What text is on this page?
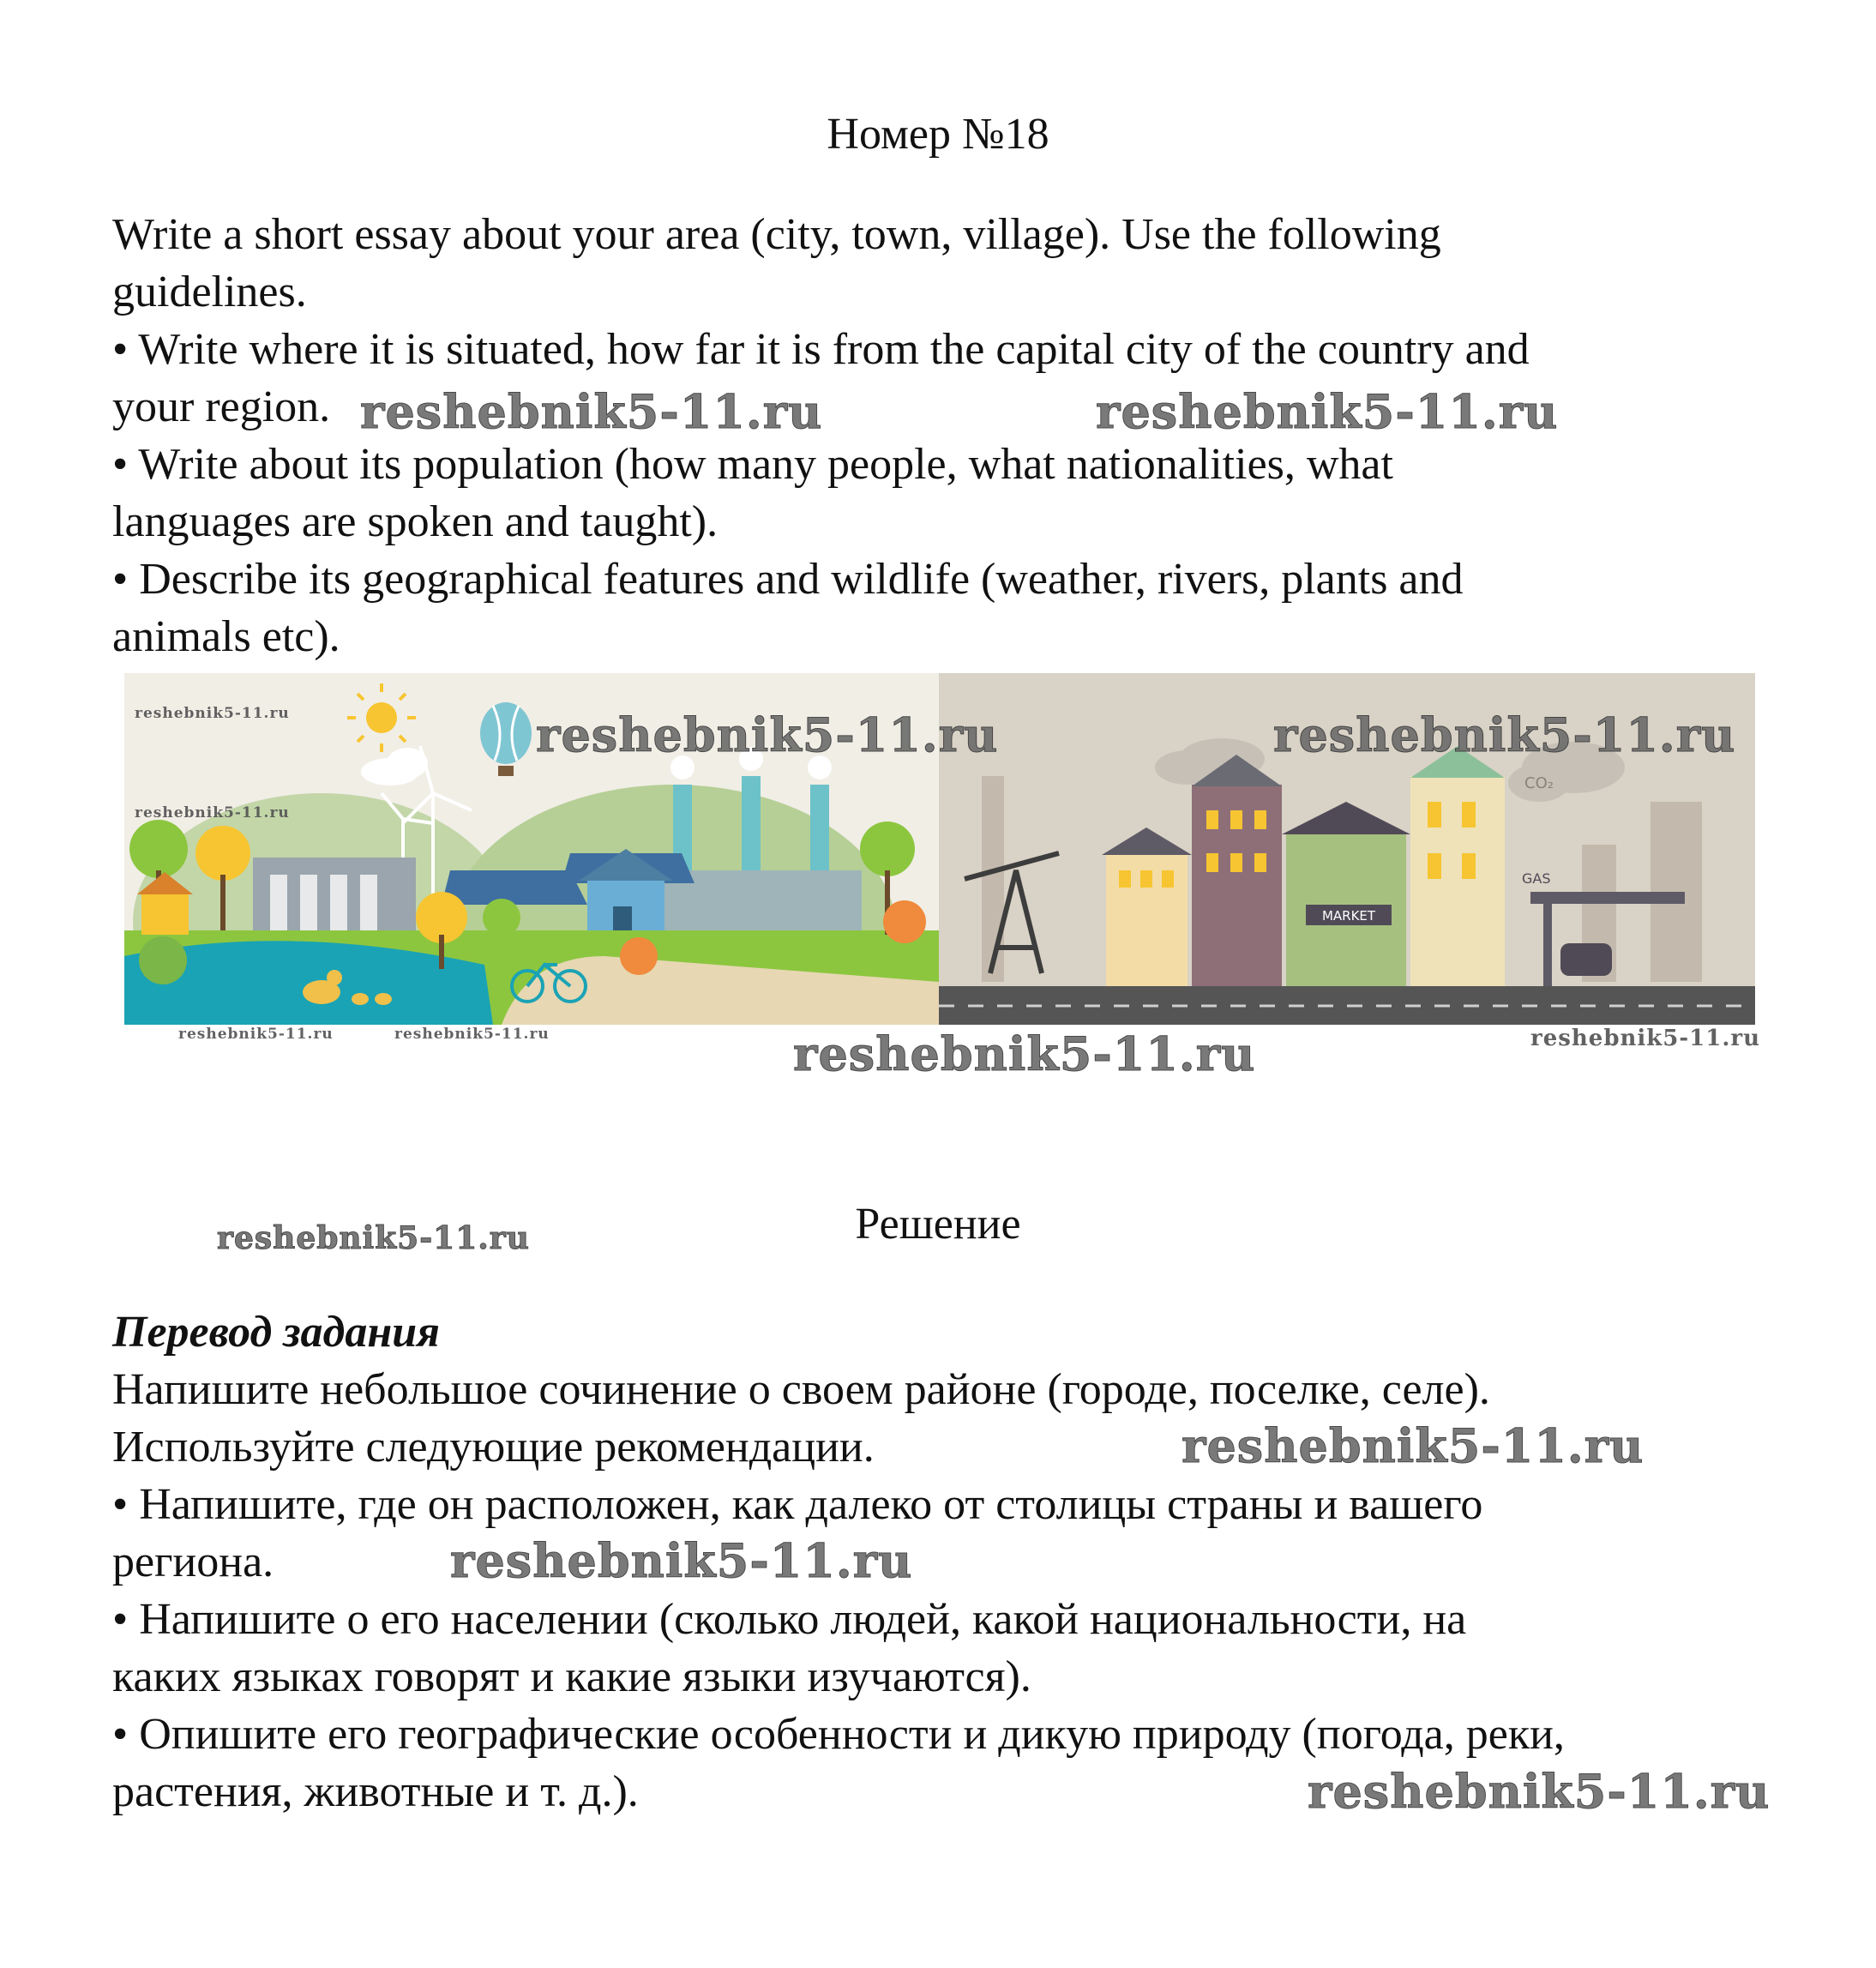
Номер №18

Write a short essay about your area (city, town, village). Use the following

guidelines.

• Write where it is situated, how far it is from the capital city of the country and

your region.

• Write about its population (how many people, what nationalities, what

languages are spoken and taught).

• Describe its geographical features and wildlife (weather, rivers, plants and

animals etc).

MARKET
GAS
CO₂
reshebnik5-11.ru	reshebnik5-11.ru
reshebnik5-11.ru	reshebnik5-11.ru
reshebnik5-11.ru
reshebnik5-11.ru
reshebnik5-11.ru	reshebnik5-11.ru	reshebnik5-11.ru	reshebnik5-11.ru
reshebnik5-11.ru	Решение

Перевод задания

Напишите небольшое сочинение о своем районе (городе, поселке, селе).

Используйте следующие рекомендации.

• Напишите, где он расположен, как далеко от столицы страны и вашего

региона.

• Напишите о его населении (сколько людей, какой национальности, на

каких языках говорят и какие языки изучаются).

• Опишите его географические особенности и дикую природу (погода, реки,

растения, животные и т. д.).

reshebnik5-11.ru
reshebnik5-11.ru
reshebnik5-11.ru
